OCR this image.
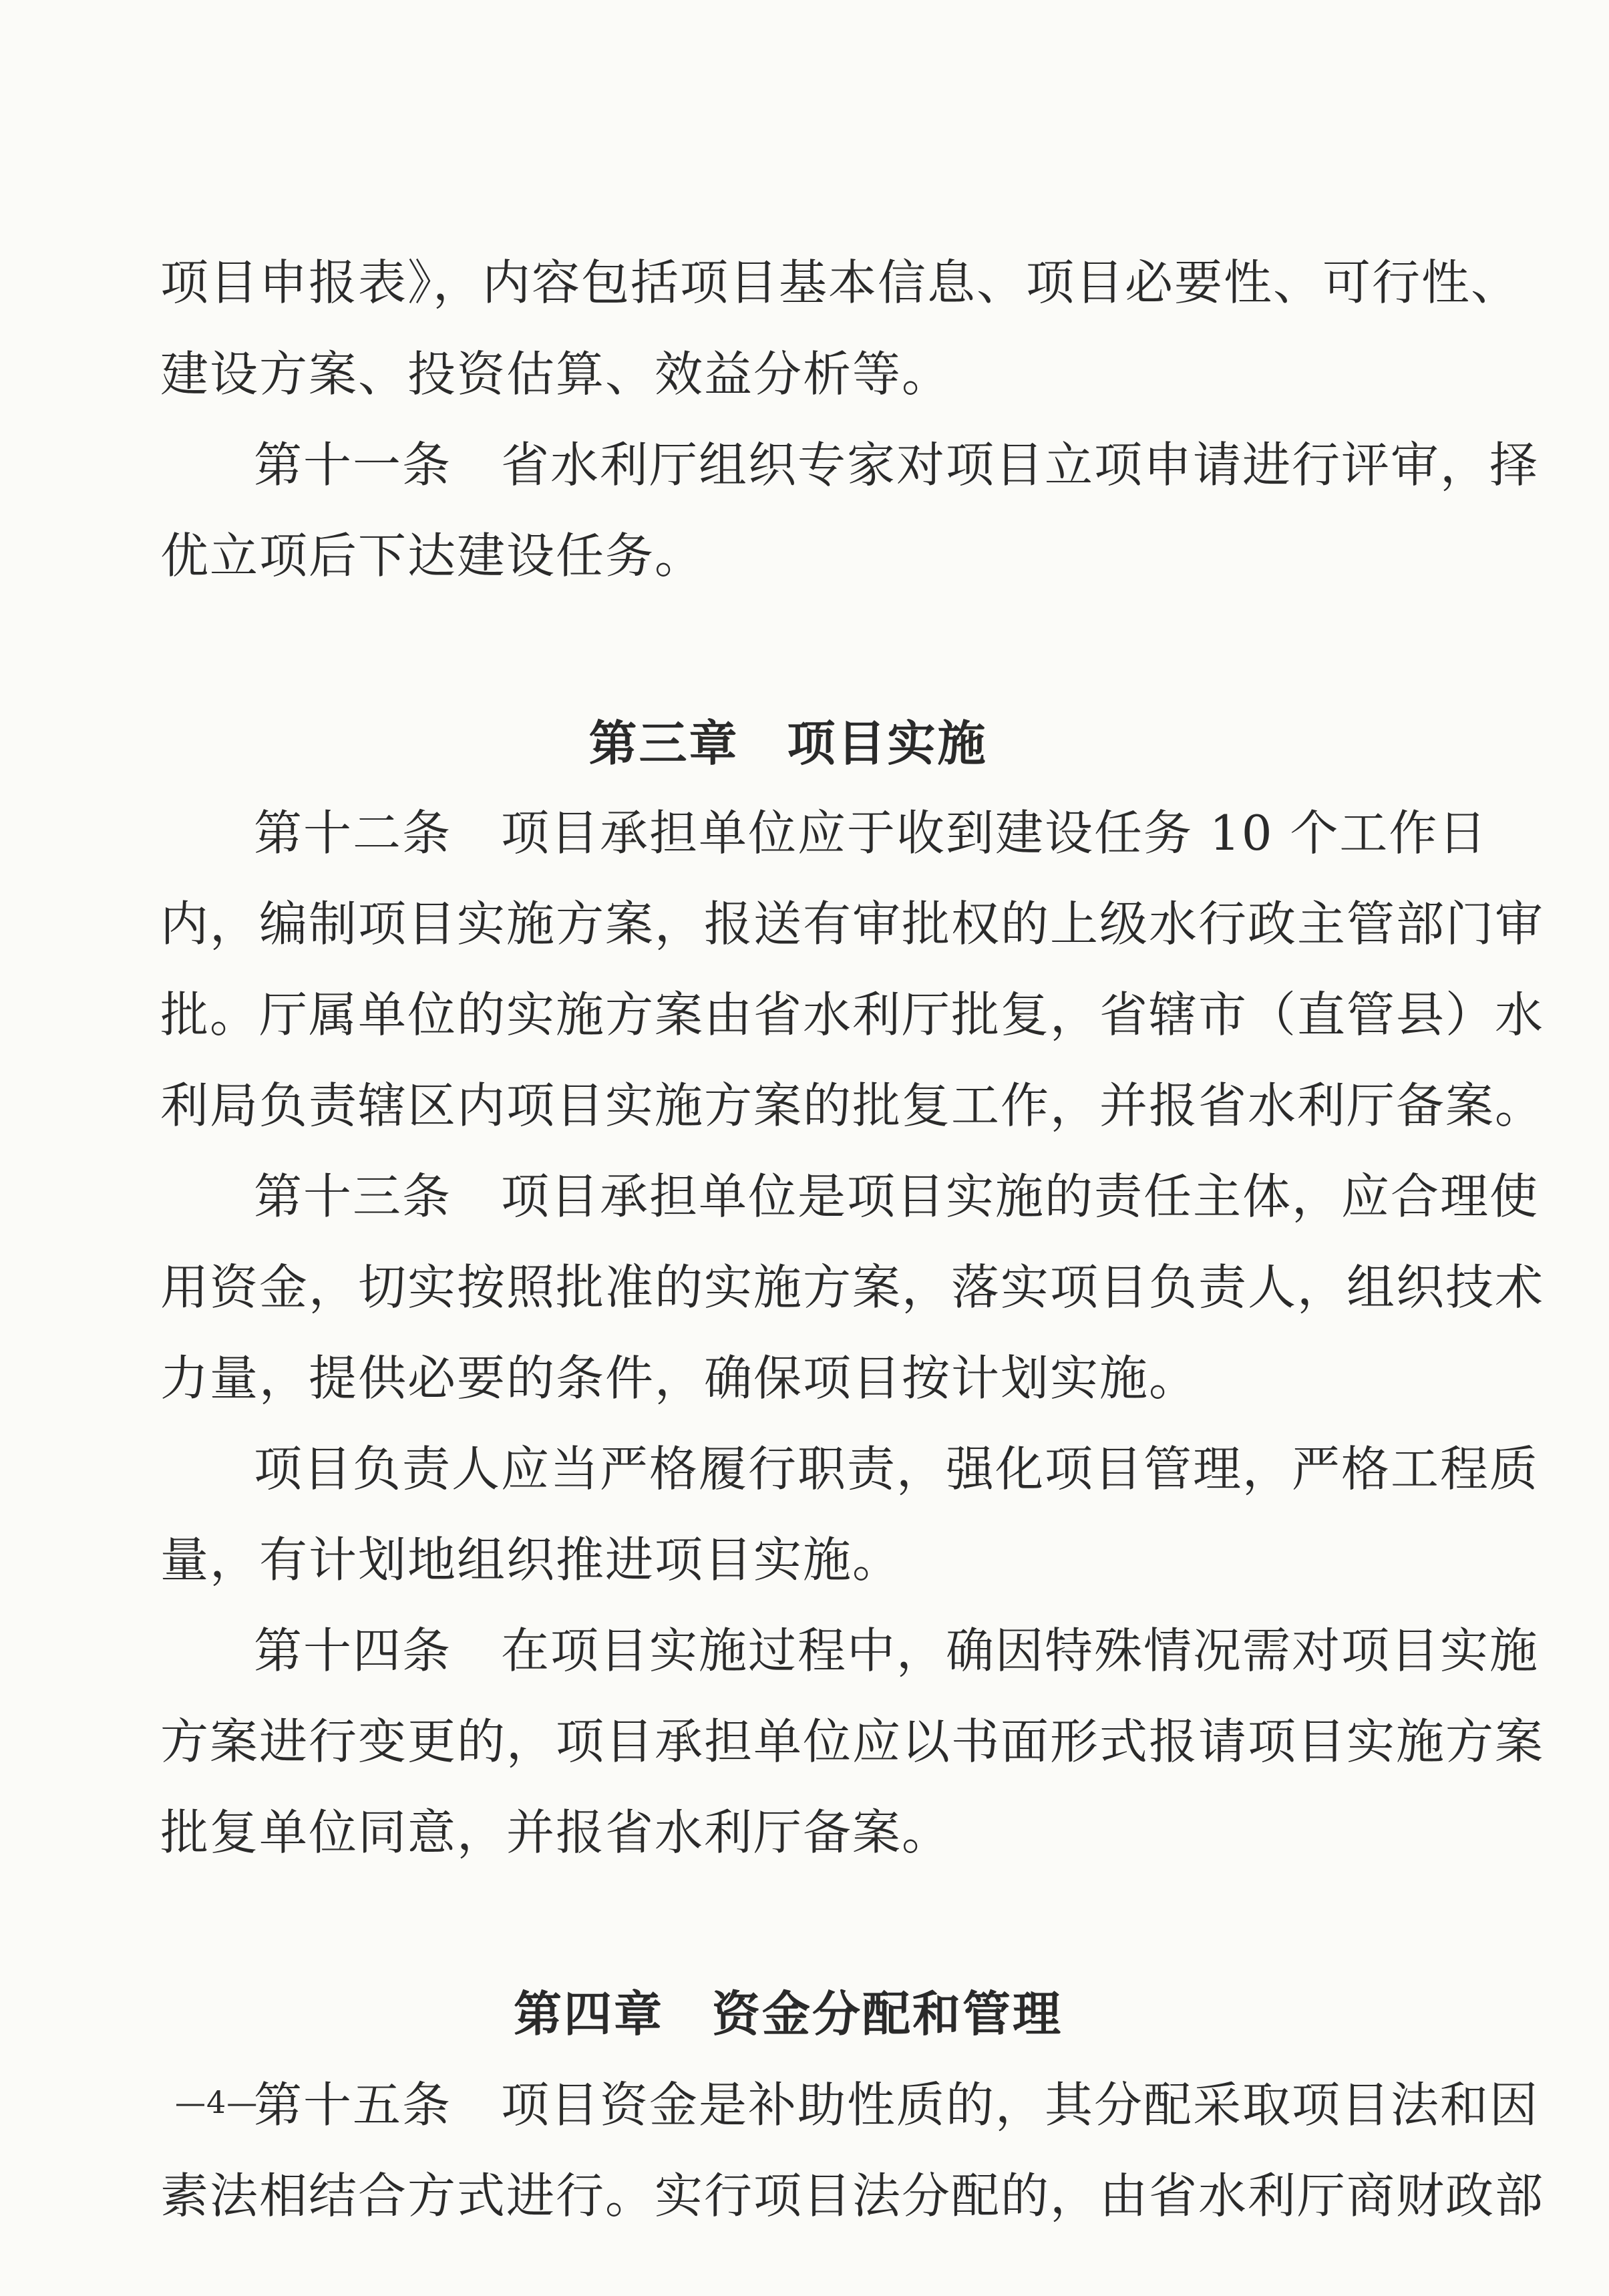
项目申报表》，内容包括项目基本信息、项目必要性、可行性、
建设方案、投资估算、效益分析等。
第十一条　省水利厅组织专家对项目立项申请进行评审，择
优立项后下达建设任务。
第三章 项目实施
第十二条　项目承担单位应于收到建设任务 10 个工作日
内，编制项目实施方案，报送有审批权的上级水行政主管部门审
批。厅属单位的实施方案由省水利厅批复，省辖市（直管县）水
利局负责辖区内项目实施方案的批复工作，并报省水利厅备案。
第十三条　项目承担单位是项目实施的责任主体，应合理使
用资金，切实按照批准的实施方案，落实项目负责人，组织技术
力量，提供必要的条件，确保项目按计划实施。
项目负责人应当严格履行职责，强化项目管理，严格工程质
量，有计划地组织推进项目实施。
第十四条　在项目实施过程中，确因特殊情况需对项目实施
方案进行变更的，项目承担单位应以书面形式报请项目实施方案
批复单位同意，并报省水利厅备案。
第四章 资金分配和管理
第十五条　项目资金是补助性质的，其分配采取项目法和因
素法相结合方式进行。实行项目法分配的，由省水利厅商财政部
—4—
